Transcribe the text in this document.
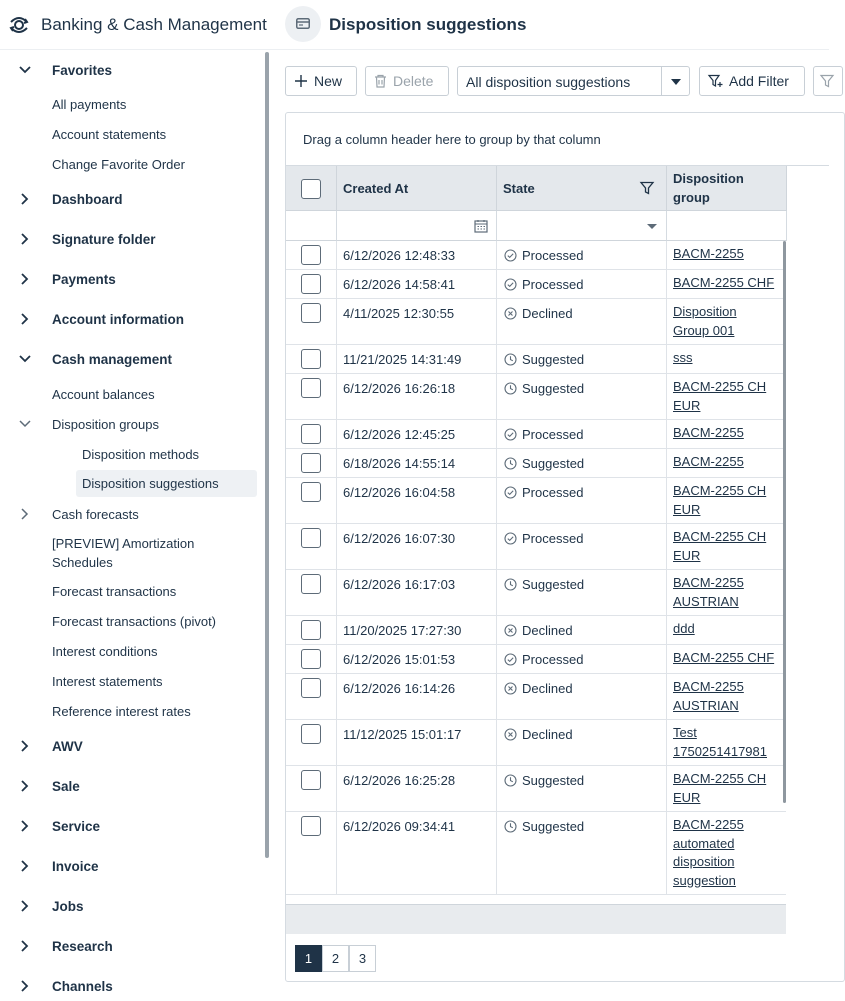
Banking & Cash Management	Disposition suggestions
Favorites
All payments
Account statements
Change Favorite Order
Dashboard
Signature folder
Payments
Account information
Cash management
Account balances
Disposition groups
Disposition methods
Disposition suggestions
Cash forecasts
[PREVIEW] Amortization
Schedules
Forecast transactions
Forecast transactions (pivot)
Interest conditions
Interest statements
Reference interest rates
AWV
Sale
Service
Invoice
Jobs
Research
Channels
New	Delete All disposition suggestions	Add Filter
Drag a column header here to group by that column
Created At	State
Disposition
group
6/12/2026 12:48:33	Processed	BACM-2255
6/12/2026 14:58:41	Processed	BACM-2255 CHF
4/11/2025 12:30:55	Declined	Disposition
Group 001
11/21/2025 14:31:49	Suggested	sss
6/12/2026 16:26:18	Suggested	BACM-2255 CH
EUR
6/12/2026 12:45:25	Processed	BACM-2255
6/18/2026 14:55:14	Suggested	BACM-2255
6/12/2026 16:04:58	Processed	BACM-2255 CH
EUR
6/12/2026 16:07:30	Processed	BACM-2255 CH
EUR
6/12/2026 16:17:03	Suggested	BACM-2255
AUSTRIAN
11/20/2025 17:27:30	Declined	ddd
6/12/2026 15:01:53	Processed	BACM-2255 CHF
6/12/2026 16:14:26	Declined	BACM-2255
AUSTRIAN
11/12/2025 15:01:17	Declined	Test
1750251417981
6/12/2026 16:25:28	Suggested	BACM-2255 CH
EUR
6/12/2026 09:34:41	Suggested	BACM-2255
automated
disposition
suggestion
1	2	3
